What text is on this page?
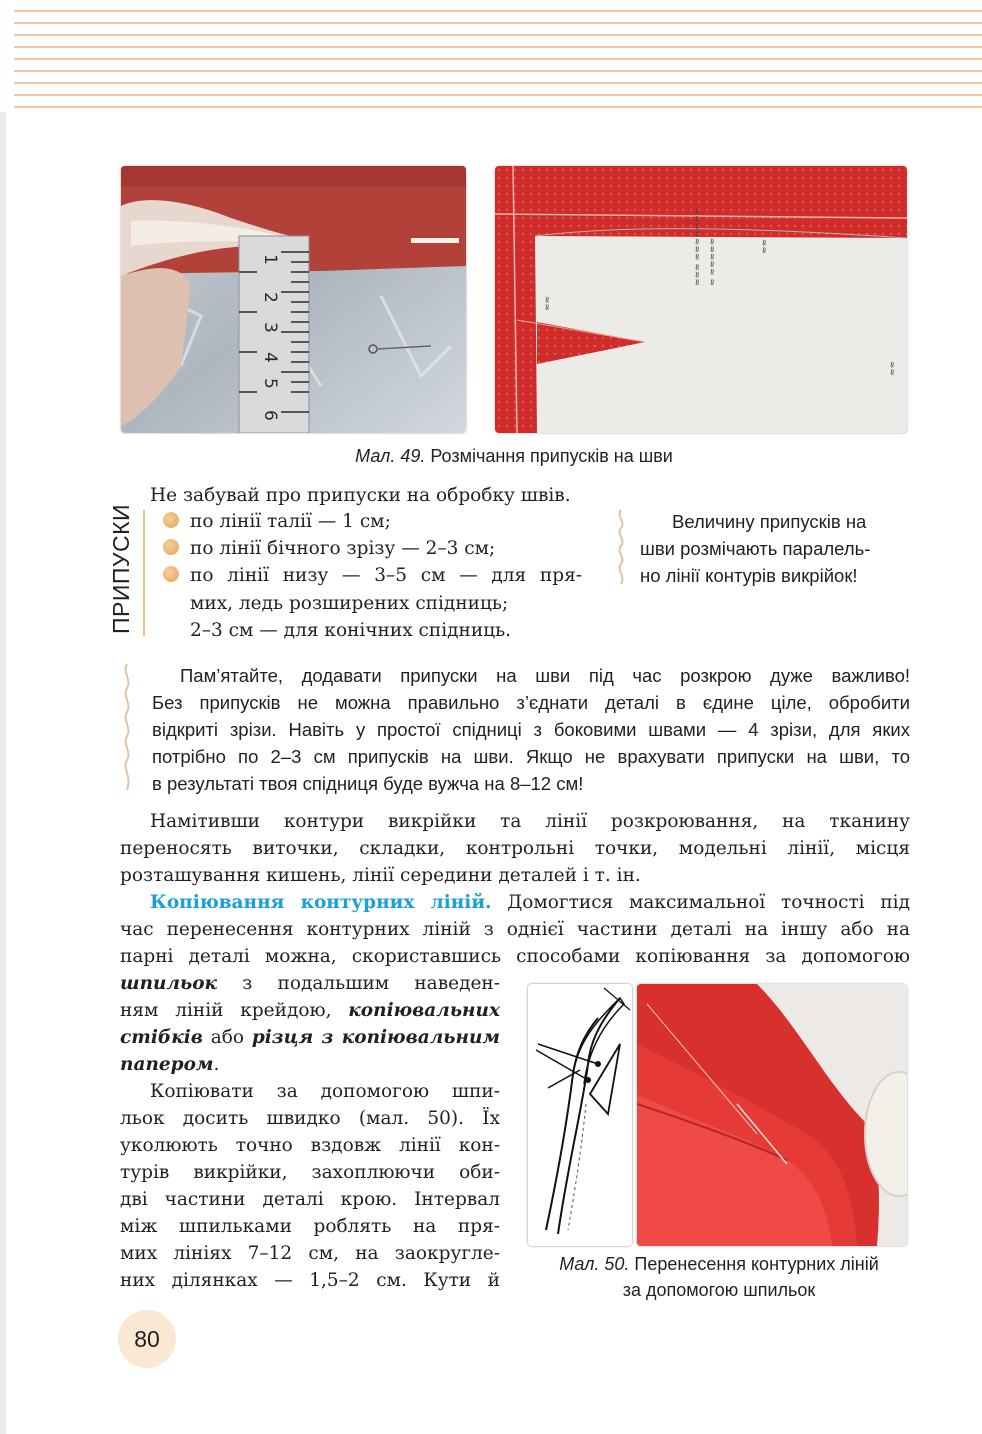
1
2
3
4
5
6
≈≈≈ ≈≈≈≈≈≈≈ ≈ ≈≈≈≈≈	≈≈
≈≈
≈≈
Мал. 49. Розмічання припусків на шви
ПРИПУСКИ
Не забувай про припуски на обробку швів.
по лінії талії — 1 см;
по лінії бічного зрізу — 2–3 см;
по лінії низу — 3–5 см — для пря-
мих, ледь розширених спідниць;
2–3 см — для конічних спідниць.
Величину припусків на
шви розмічають паралель-
но лінії контурів викрійок!
Пам’ятайте, додавати припуски на шви під час розкрою дуже важливо!
Без припусків не можна правильно з’єднати деталі в єдине ціле, обробити
відкриті зрізи. Навіть у простої спідниці з боковими швами — 4 зрізи, для яких
потрібно по 2–3 см припусків на шви. Якщо не врахувати припуски на шви, то
в результаті твоя спідниця буде вужча на 8–12 см!
Намітивши контури викрійки та лінії розкроювання, на тканину
переносять виточки, складки, контрольні точки, модельні лінії, місця
розташування кишень, лінії середини деталей і т. ін.
Копіювання контурних ліній. Домогтися максимальної точності під
час перенесення контурних ліній з однієї частини деталі на іншу або на
парні деталі можна, скориставшись способами копіювання за допомогою
шпильок з подальшим наведен-
ням ліній крейдою, копіювальних
стібків або різця з копіювальним
папером.
Копіювати за допомогою шпи-
льок досить швидко (мал. 50). Їх
уколюють точно вздовж лінії кон-
турів викрійки, захоплюючи оби-
дві частини деталі крою. Інтервал
між шпильками роблять на пря-
мих лініях 7–12 см, на заокругле-
них ділянках — 1,5–2 см. Кути й
Мал. 50. Перенесення контурних ліній
за допомогою шпильок
80
